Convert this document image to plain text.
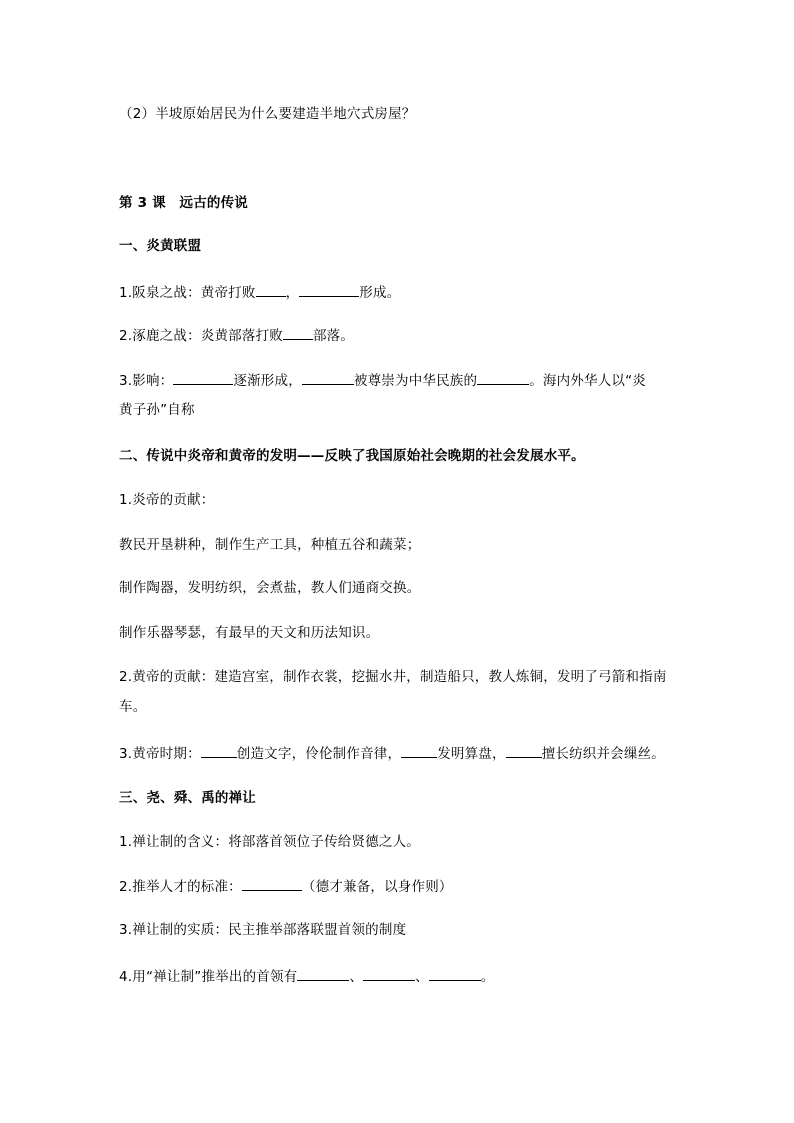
（2）半坡原始居民为什么要建造半地穴式房屋？
第 3 课　远古的传说
一、炎黄联盟
1.阪泉之战：黄帝打败 ，	形成。
2.涿鹿之战：炎黄部落打败 部落。
3.影响：	逐渐形成，	被尊崇为中华民族的	。海内外华人以“炎
黄子孙”自称
二、传说中炎帝和黄帝的发明——反映了我国原始社会晚期的社会发展水平。
1.炎帝的贡献：
教民开垦耕种，制作生产工具，种植五谷和蔬菜；
制作陶器，发明纺织，会煮盐，教人们通商交换。
制作乐器琴瑟，有最早的天文和历法知识。
2.黄帝的贡献：建造宫室，制作衣裳，挖掘水井，制造船只，教人炼铜，发明了弓箭和指南
车。
3.黄帝时期：	创造文字，伶伦制作音律，	发明算盘，	擅长纺织并会缫丝。
三、尧、舜、禹的禅让
1.禅让制的含义：将部落首领位子传给贤德之人。
2.推举人才的标准：	（德才兼备，以身作则）
3.禅让制的实质：民主推举部落联盟首领的制度
4.用“禅让制”推举出的首领有	、	、	。
